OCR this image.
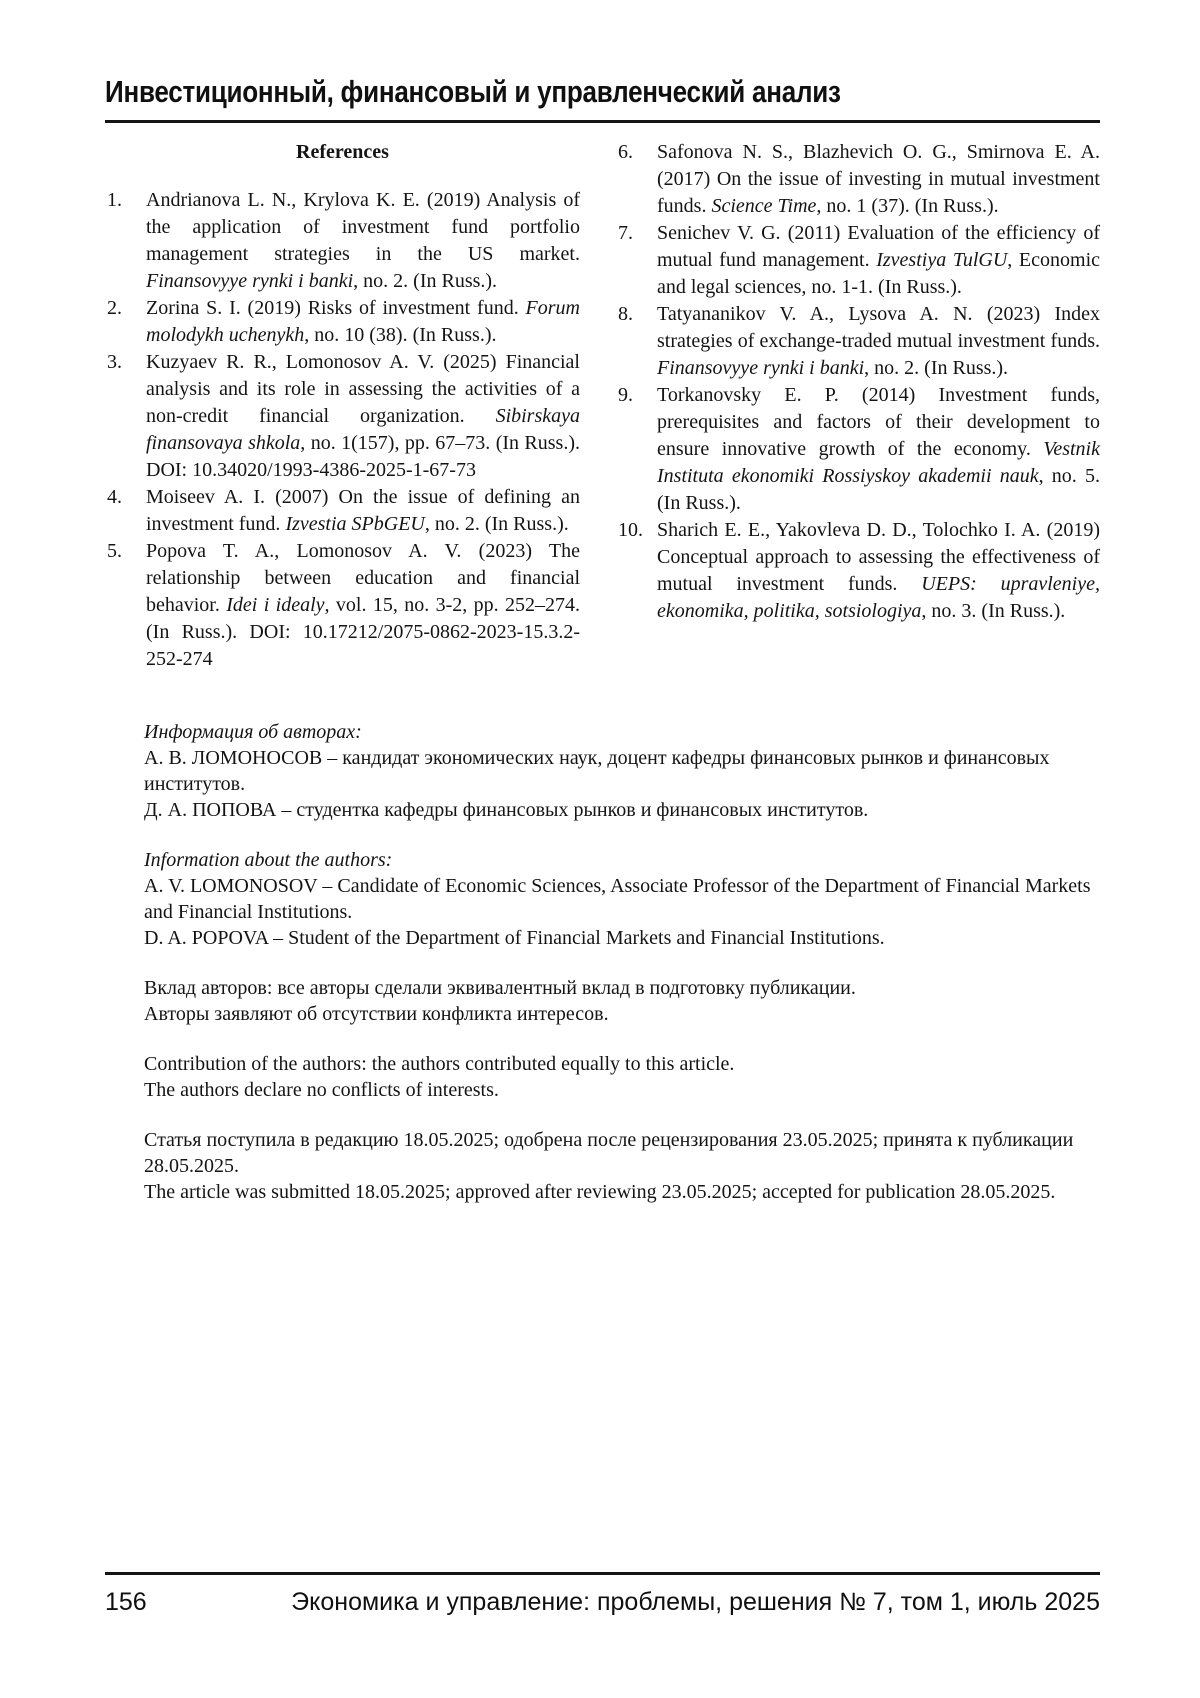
Инвестиционный, финансовый и управленческий анализ
References
1. Andrianova L. N., Krylova K. E. (2019) Analysis of the application of investment fund portfolio management strategies in the US market. Finansovyye rynki i banki, no. 2. (In Russ.).
2. Zorina S. I. (2019) Risks of investment fund. Forum molodykh uchenykh, no. 10 (38). (In Russ.).
3. Kuzyaev R. R., Lomonosov A. V. (2025) Financial analysis and its role in assessing the activities of a non-credit financial organization. Sibirskaya finansovaya shkola, no. 1(157), pp. 67–73. (In Russ.). DOI: 10.34020/1993-4386-2025-1-67-73
4. Moiseev A. I. (2007) On the issue of defining an investment fund. Izvestia SPbGEU, no. 2. (In Russ.).
5. Popova T. A., Lomonosov A. V. (2023) The relationship between education and financial behavior. Idei i idealy, vol. 15, no. 3-2, pp. 252–274. (In Russ.). DOI: 10.17212/2075-0862-2023-15.3.2-252-274
6. Safonova N. S., Blazhevich O. G., Smirnova E. A. (2017) On the issue of investing in mutual investment funds. Science Time, no. 1 (37). (In Russ.).
7. Senichev V. G. (2011) Evaluation of the efficiency of mutual fund management. Izvestiya TulGU, Economic and legal sciences, no. 1-1. (In Russ.).
8. Tatyananikov V. A., Lysova A. N. (2023) Index strategies of exchange-traded mutual investment funds. Finansovyye rynki i banki, no. 2. (In Russ.).
9. Torkanovsky E. P. (2014) Investment funds, prerequisites and factors of their development to ensure innovative growth of the economy. Vestnik Instituta ekonomiki Rossiyskoy akademii nauk, no. 5. (In Russ.).
10. Sharich E. E., Yakovleva D. D., Tolochko I. A. (2019) Conceptual approach to assessing the effectiveness of mutual investment funds. UEPS: upravleniye, ekonomika, politika, sotsiologiya, no. 3. (In Russ.).
Информация об авторах:
А. В. ЛОМОНОСОВ – кандидат экономических наук, доцент кафедры финансовых рынков и финансовых институтов.
Д. А. ПОПОВА – студентка кафедры финансовых рынков и финансовых институтов.
Information about the authors:
A. V. LOMONOSOV – Candidate of Economic Sciences, Associate Professor of the Department of Financial Markets and Financial Institutions.
D. A. POPOVA – Student of the Department of Financial Markets and Financial Institutions.
Вклад авторов: все авторы сделали эквивалентный вклад в подготовку публикации.
Авторы заявляют об отсутствии конфликта интересов.
Contribution of the authors: the authors contributed equally to this article.
The authors declare no conflicts of interests.
Статья поступила в редакцию 18.05.2025; одобрена после рецензирования 23.05.2025; принята к публикации 28.05.2025.
The article was submitted 18.05.2025; approved after reviewing 23.05.2025; accepted for publication 28.05.2025.
156	Экономика и управление: проблемы, решения № 7, том 1, июль 2025
